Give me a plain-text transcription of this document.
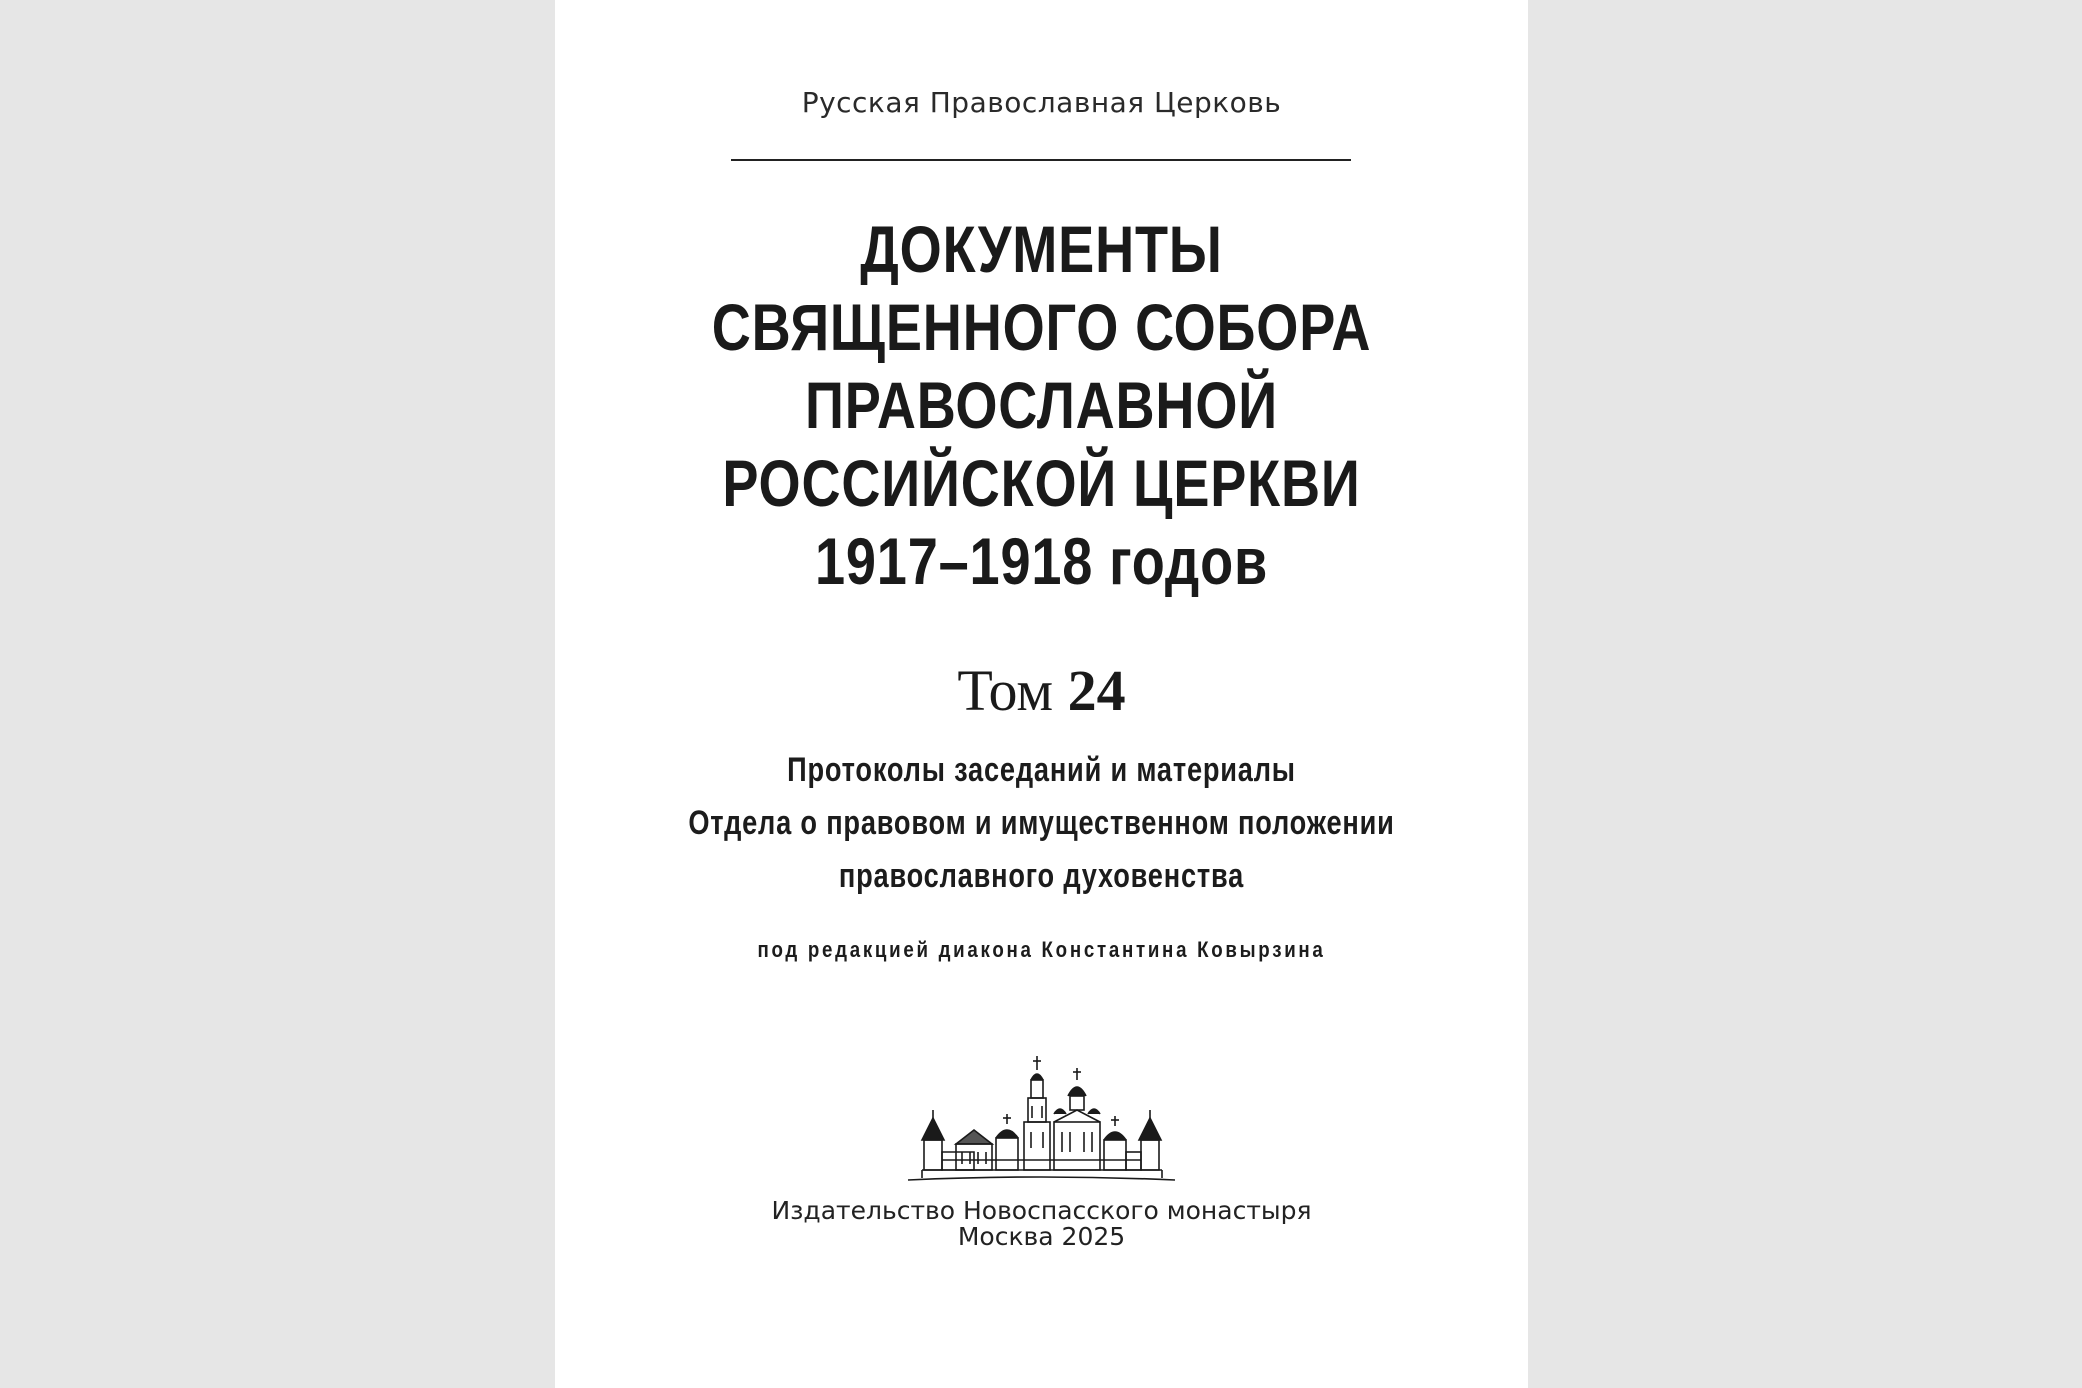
Русская Православная Церковь
ДОКУМЕНТЫ
СВЯЩЕННОГО СОБОРА
ПРАВОСЛАВНОЙ
РОССИЙСКОЙ ЦЕРКВИ
1917–1918 годов
Том 24
Протоколы заседаний и материалы
Отдела о правовом и имущественном положении
православного духовенства
под редакцией диакона Константина Ковырзина
Издательство Новоспасского монастыря
Москва 2025
